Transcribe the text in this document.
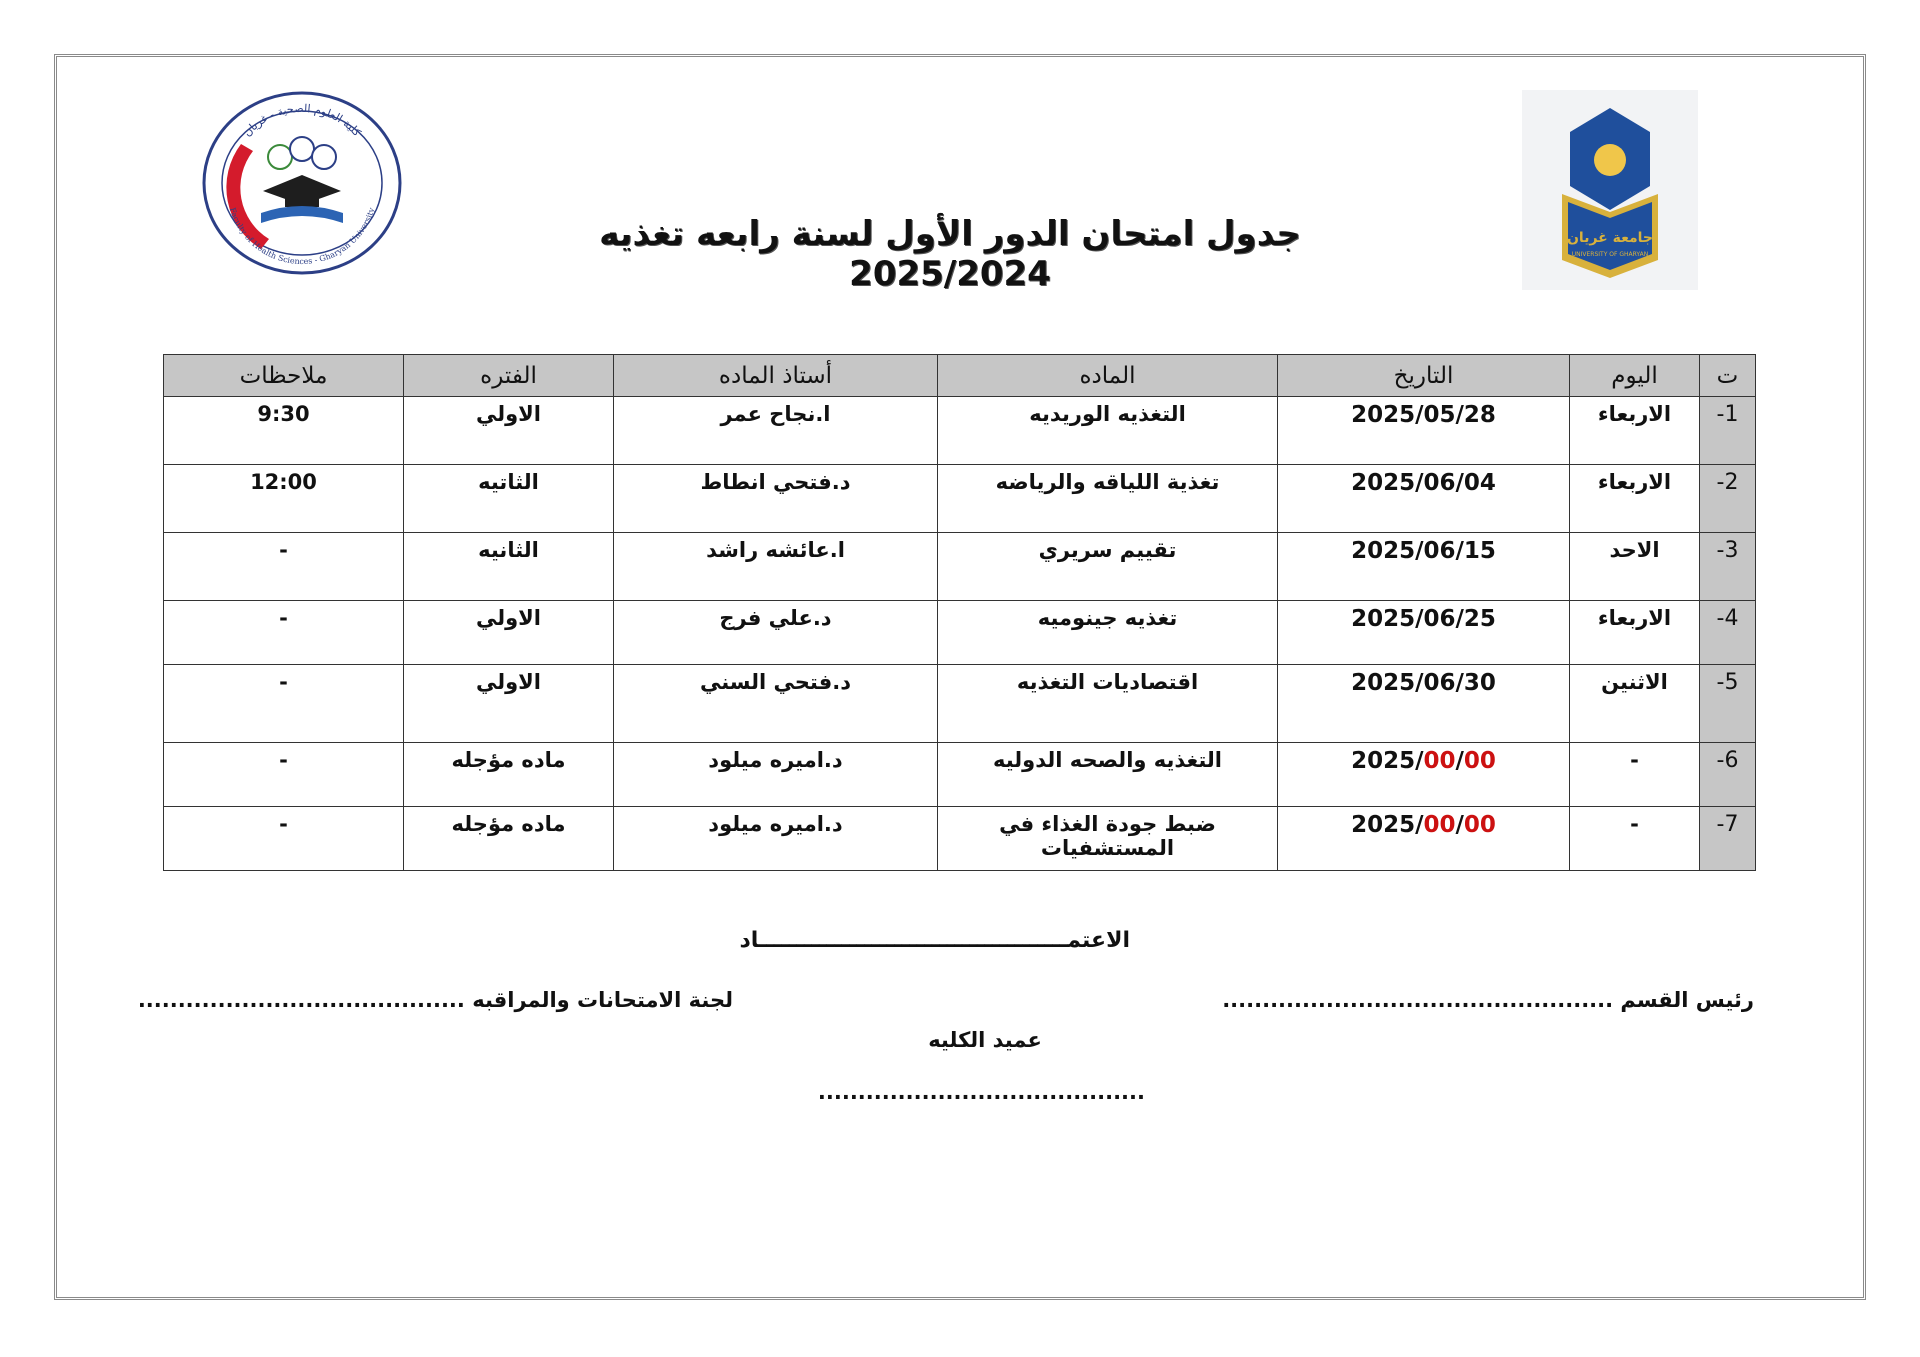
كلية العلوم الصحية - غريان
Faculty of Health Sciences - Gharyan University
جامعة غريان
UNIVERSITY OF GHARYAN
جدول امتحان الدور الأول لسنة رابعه تغذيه 2025/2024
ت	اليوم	التاريخ	الماده	أستاذ الماده	الفتره	ملاحظات
1-	الاربعاء	2025/05/28	التغذيه الوريديه	ا.نجاح عمر	الاولي	9:30
2-	الاربعاء	2025/06/04	تغذية اللياقه والرياضه	د.فتحي انطاط	الثاتيه	12:00
3-	الاحد	2025/06/15	تقييم سريري	ا.عائشه راشد	الثانيه	-
4-	الاربعاء	2025/06/25	تغذيه جينوميه	د.علي فرج	الاولي	-
5-	الاثنين	2025/06/30	اقتصاديات التغذيه	د.فتحي السني	الاولي	-
6-	-	2025/00/00	التغذيه والصحه الدوليه	د.اميره ميلود	ماده مؤجله	-
7-	-	2025/00/00	ضبط جودة الغذاء في المستشفيات	د.اميره ميلود	ماده مؤجله	-
الاعتمـــــــــــــــــــــــــــــــــــــــــاد
رئيس القسم .................................................
لجنة الامتحانات والمراقبه .........................................
عميد الكليه
.........................................
